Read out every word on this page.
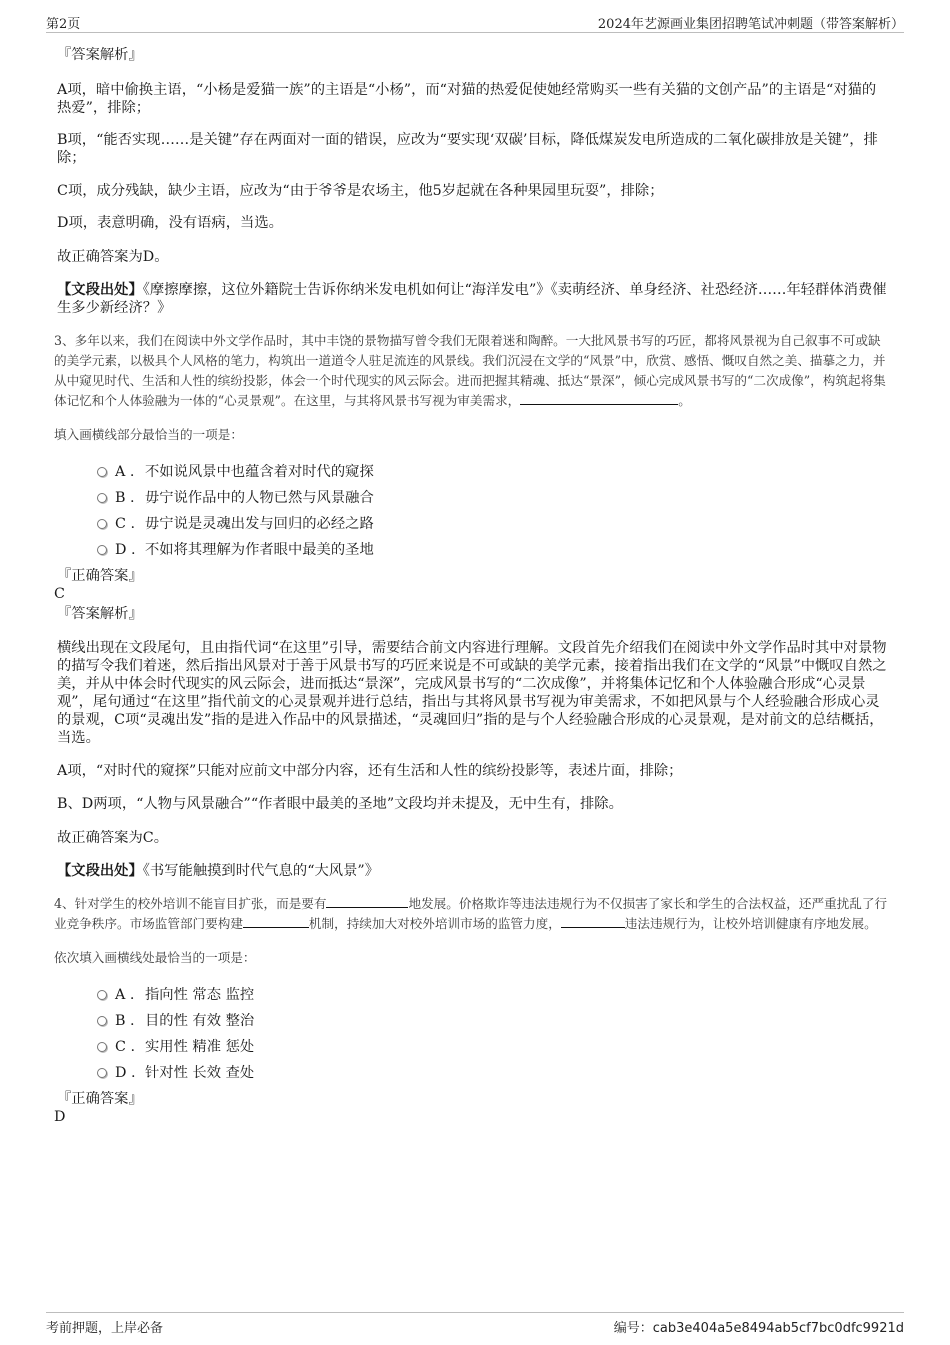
第2页	2024年艺源画业集团招聘笔试冲刺题（带答案解析）

『答案解析』

A项，暗中偷换主语，“小杨是爱猫一族”的主语是“小杨”，而“对猫的热爱促使她经常购买一些有关猫的文创产品”的主语是“对猫的热爱”，排除；

B项，“能否实现……是关键”存在两面对一面的错误，应改为“要实现‘双碳’目标，降低煤炭发电所造成的二氧化碳排放是关键”，排除；

C项，成分残缺，缺少主语，应改为“由于爷爷是农场主，他5岁起就在各种果园里玩耍”，排除；

D项，表意明确，没有语病，当选。

故正确答案为D。

【文段出处】《摩擦摩擦，这位外籍院士告诉你纳米发电机如何让“海洋发电”》《卖萌经济、单身经济、社恐经济……年轻群体消费催生多少新经济？》

3、多年以来，我们在阅读中外文学作品时，其中丰饶的景物描写曾令我们无限着迷和陶醉。一大批风景书写的巧匠，都将风景视为自己叙事不可或缺的美学元素，以极具个人风格的笔力，构筑出一道道令人驻足流连的风景线。我们沉浸在文学的“风景”中，欣赏、感悟、慨叹自然之美、描摹之力，并从中窥见时代、生活和人性的缤纷投影，体会一个时代现实的风云际会。进而把握其精魂、抵达“景深”，倾心完成风景书写的“二次成像”，构筑起将集体记忆和个人体验融为一体的“心灵景观”。在这里，与其将风景书写视为审美需求，	。

填入画横线部分最恰当的一项是：

A . 不如说风景中也蕴含着对时代的窥探
B . 毋宁说作品中的人物已然与风景融合
C . 毋宁说是灵魂出发与回归的必经之路
D . 不如将其理解为作者眼中最美的圣地

『正确答案』

C

『答案解析』

横线出现在文段尾句，且由指代词“在这里”引导，需要结合前文内容进行理解。文段首先介绍我们在阅读中外文学作品时其中对景物的描写令我们着迷，然后指出风景对于善于风景书写的巧匠来说是不可或缺的美学元素，接着指出我们在文学的“风景”中慨叹自然之美，并从中体会时代现实的风云际会，进而抵达“景深”，完成风景书写的“二次成像”，并将集体记忆和个人体验融合形成“心灵景观”，尾句通过“在这里”指代前文的心灵景观并进行总结，指出与其将风景书写视为审美需求，不如把风景与个人经验融合形成心灵的景观，C项“灵魂出发”指的是进入作品中的风景描述，“灵魂回归”指的是与个人经验融合形成的心灵景观，是对前文的总结概括，当选。

A项，“对时代的窥探”只能对应前文中部分内容，还有生活和人性的缤纷投影等，表述片面，排除；

B、D两项，“人物与风景融合”“作者眼中最美的圣地”文段均并未提及，无中生有，排除。

故正确答案为C。

【文段出处】《书写能触摸到时代气息的“大风景”》

4、针对学生的校外培训不能盲目扩张，而是要有	地发展。价格欺诈等违法违规行为不仅损害了家长和学生的合法权益，还严重扰乱了行业竞争秩序。市场监管部门要构建	机制，持续加大对校外培训市场的监管力度，	违法违规行为，让校外培训健康有序地发展。

依次填入画横线处最恰当的一项是：

A . 指向性 常态 监控
B . 目的性 有效 整治
C . 实用性 精准 惩处
D . 针对性 长效 查处

『正确答案』

D

考前押题，上岸必备	编号：cab3e404a5e8494ab5cf7bc0dfc9921d
